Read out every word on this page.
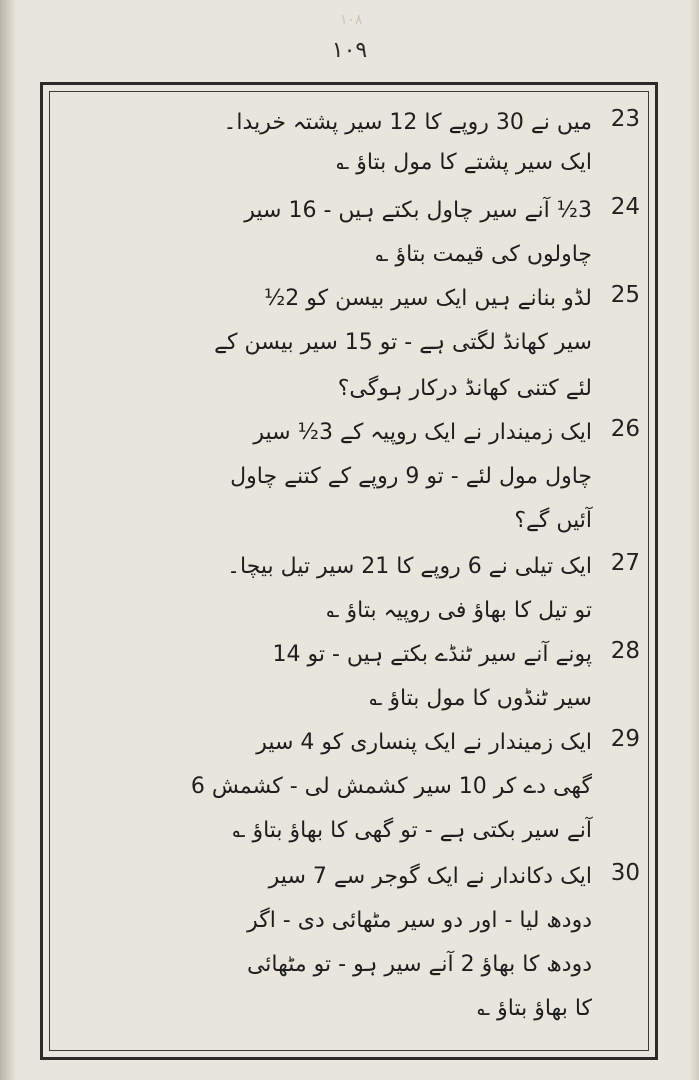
۱۰۸
۱۰۹
23
میں نے 30 روپے کا 12 سیر پشتہ خریدا۔
ایک سیر پشتے کا مول بتاؤ ؎
24
3½ آنے سیر چاول بکتے ہیں - 16 سیر
چاولوں کی قیمت بتاؤ ؎
25
لڈو بنانے ہیں ایک سیر بیسن کو 2½
سیر کھانڈ لگتی ہے - تو 15 سیر بیسن کے
لئے کتنی کھانڈ درکار ہوگی؟
26
ایک زمیندار نے ایک روپیہ کے 3½ سیر
چاول مول لئے - تو 9 روپے کے کتنے چاول
آئیں گے؟
27
ایک تیلی نے 6 روپے کا 21 سیر تیل بیچا۔
تو تیل کا بھاؤ فی روپیہ بتاؤ ؎
28
پونے آنے سیر ٹنڈے بکتے ہیں - تو 14
سیر ٹنڈوں کا مول بتاؤ ؎
29
ایک زمیندار نے ایک پنساری کو 4 سیر
گھی دے کر 10 سیر کشمش لی - کشمش 6
آنے سیر بکتی ہے - تو گھی کا بھاؤ بتاؤ ؎
30
ایک دکاندار نے ایک گوجر سے 7 سیر
دودھ لیا - اور دو سیر مٹھائی دی - اگر
دودھ کا بھاؤ 2 آنے سیر ہو - تو مٹھائی
کا بھاؤ بتاؤ ؎
